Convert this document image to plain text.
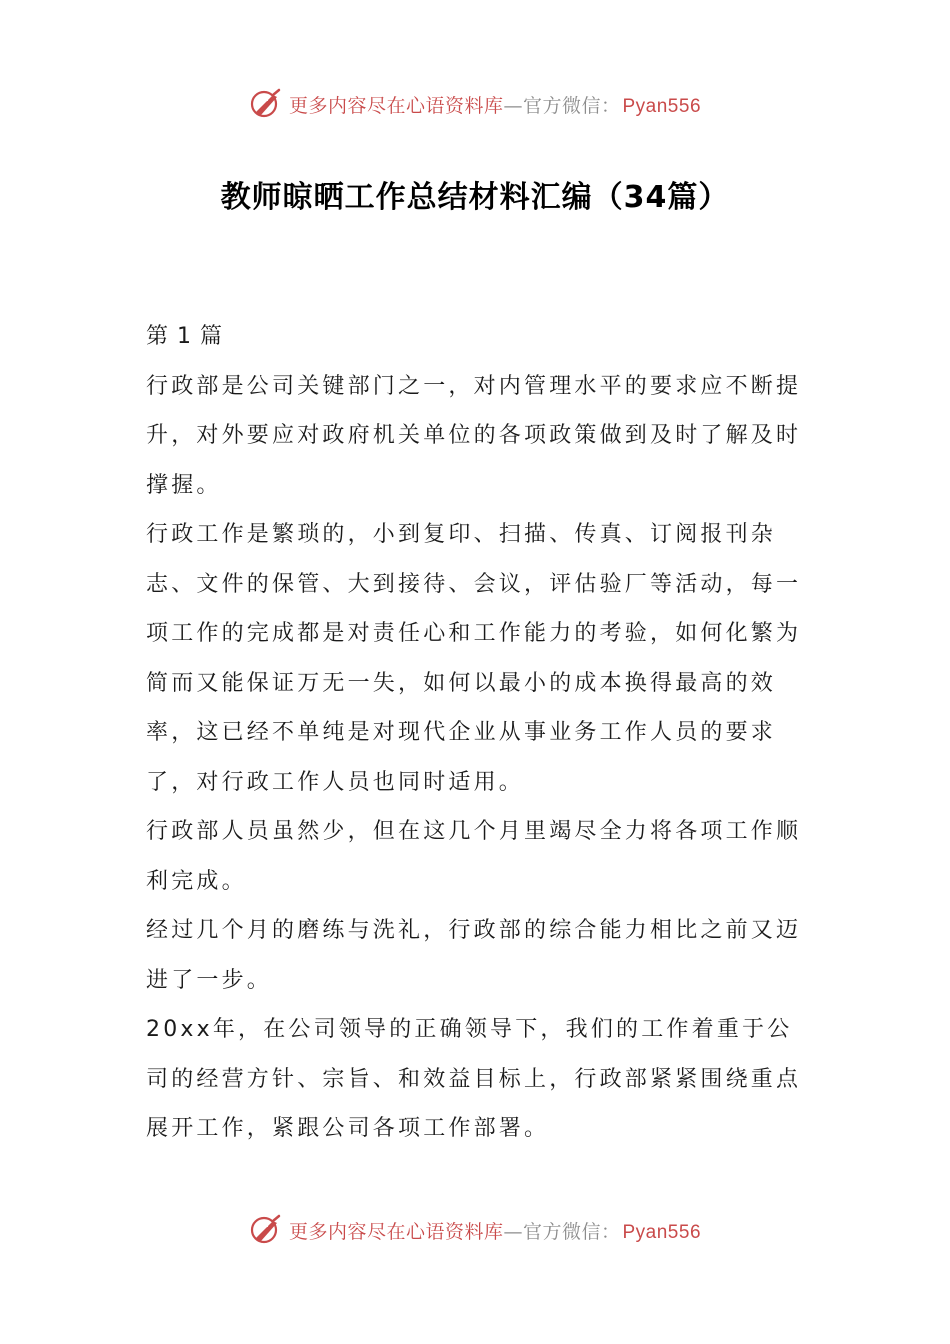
更多内容尽在心语资料库—官方微信： Pyan556
教师晾晒工作总结材料汇编（34篇）

第 1 篇

行政部是公司关键部门之一，对内管理水平的要求应不断提升，对外要应对政府机关单位的各项政策做到及时了解及时撑握。

行政工作是繁琐的，小到复印、扫描、传真、订阅报刊杂志、文件的保管、大到接待、会议，评估验厂等活动，每一项工作的完成都是对责任心和工作能力的考验，如何化繁为简而又能保证万无一失，如何以最小的成本换得最高的效率，这已经不单纯是对现代企业从事业务工作人员的要求了，对行政工作人员也同时适用。

行政部人员虽然少，但在这几个月里竭尽全力将各项工作顺利完成。

经过几个月的磨练与洗礼，行政部的综合能力相比之前又迈进了一步。

20xx年，在公司领导的正确领导下，我们的工作着重于公司的经营方针、宗旨、和效益目标上，行政部紧紧围绕重点展开工作，紧跟公司各项工作部署。

更多内容尽在心语资料库—官方微信： Pyan556
